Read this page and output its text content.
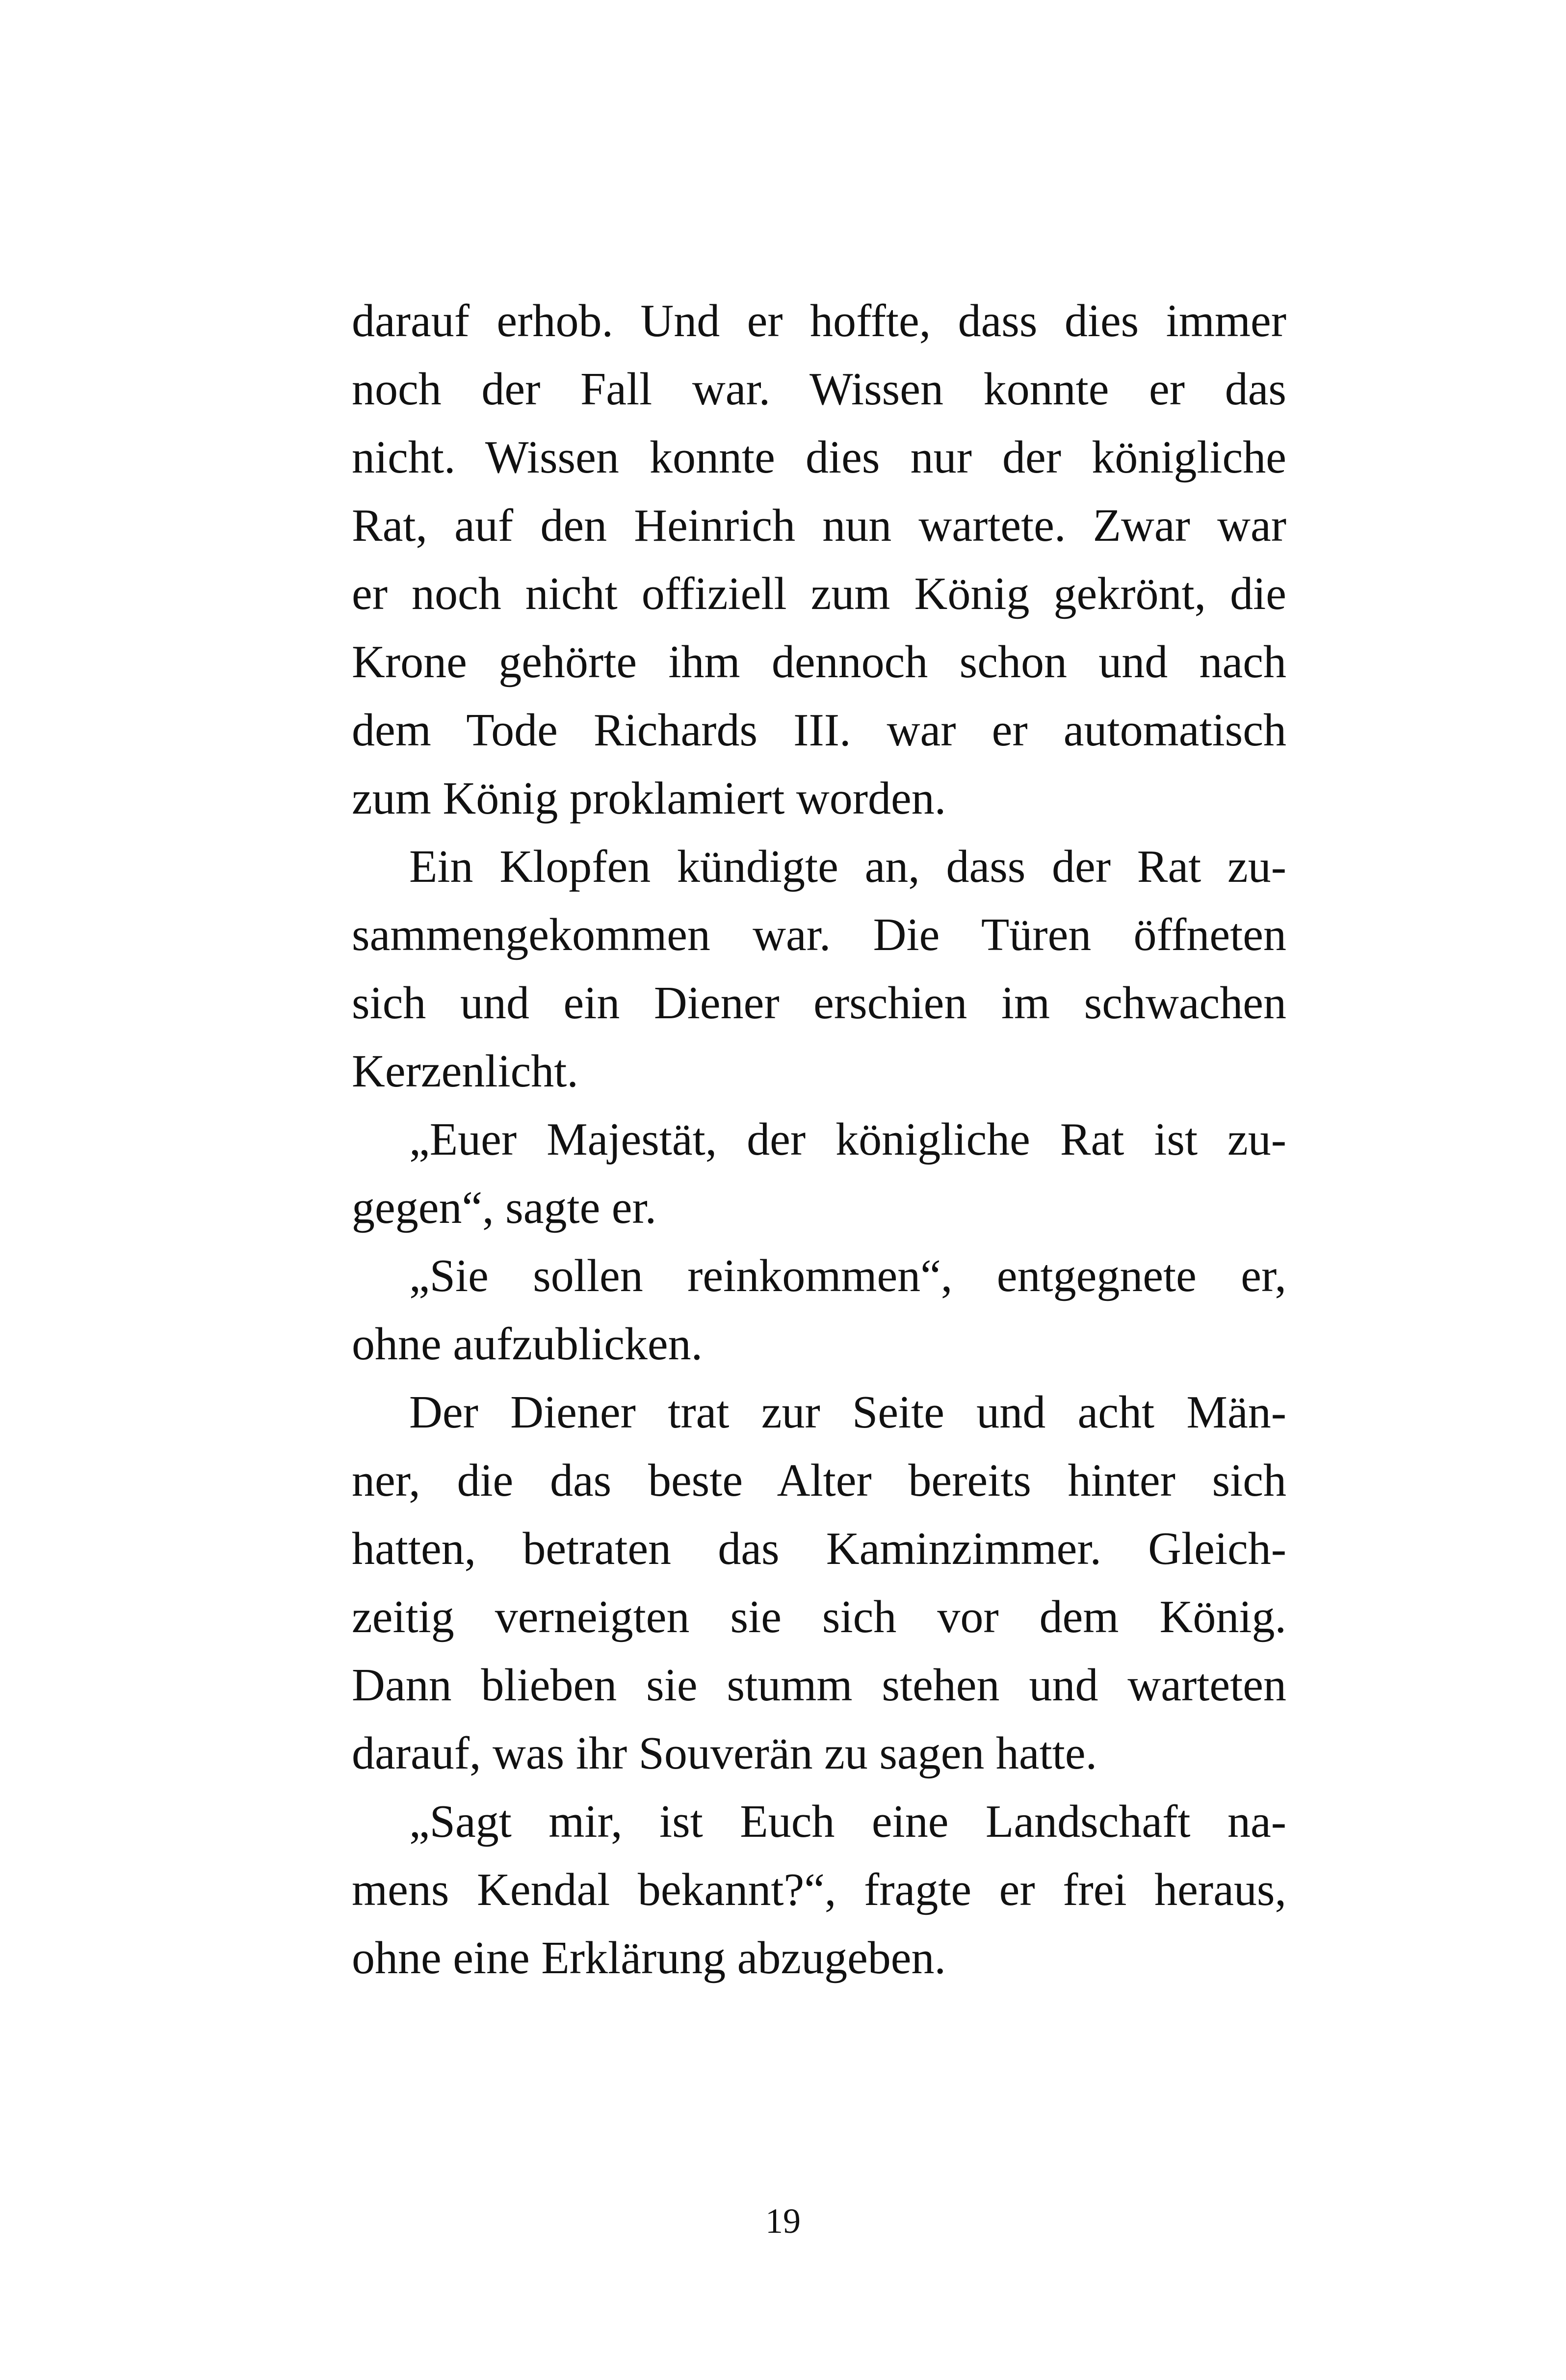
darauf erhob. Und er hoffte, dass dies immer
noch der Fall war. Wissen konnte er das
nicht. Wissen konnte dies nur der königliche
Rat, auf den Heinrich nun wartete. Zwar war
er noch nicht offiziell zum König gekrönt, die
Krone gehörte ihm dennoch schon und nach
dem Tode Richards III. war er automatisch
zum König proklamiert worden.
Ein Klopfen kündigte an, dass der Rat zu-
sammengekommen war. Die Türen öffneten
sich und ein Diener erschien im schwachen
Kerzenlicht.
„Euer Majestät, der königliche Rat ist zu-
gegen“, sagte er.
„Sie sollen reinkommen“, entgegnete er,
ohne aufzublicken.
Der Diener trat zur Seite und acht Män-
ner, die das beste Alter bereits hinter sich
hatten, betraten das Kaminzimmer. Gleich-
zeitig verneigten sie sich vor dem König.
Dann blieben sie stumm stehen und warteten
darauf, was ihr Souverän zu sagen hatte.
„Sagt mir, ist Euch eine Landschaft na-
mens Kendal bekannt?“, fragte er frei heraus,
ohne eine Erklärung abzugeben.
19
